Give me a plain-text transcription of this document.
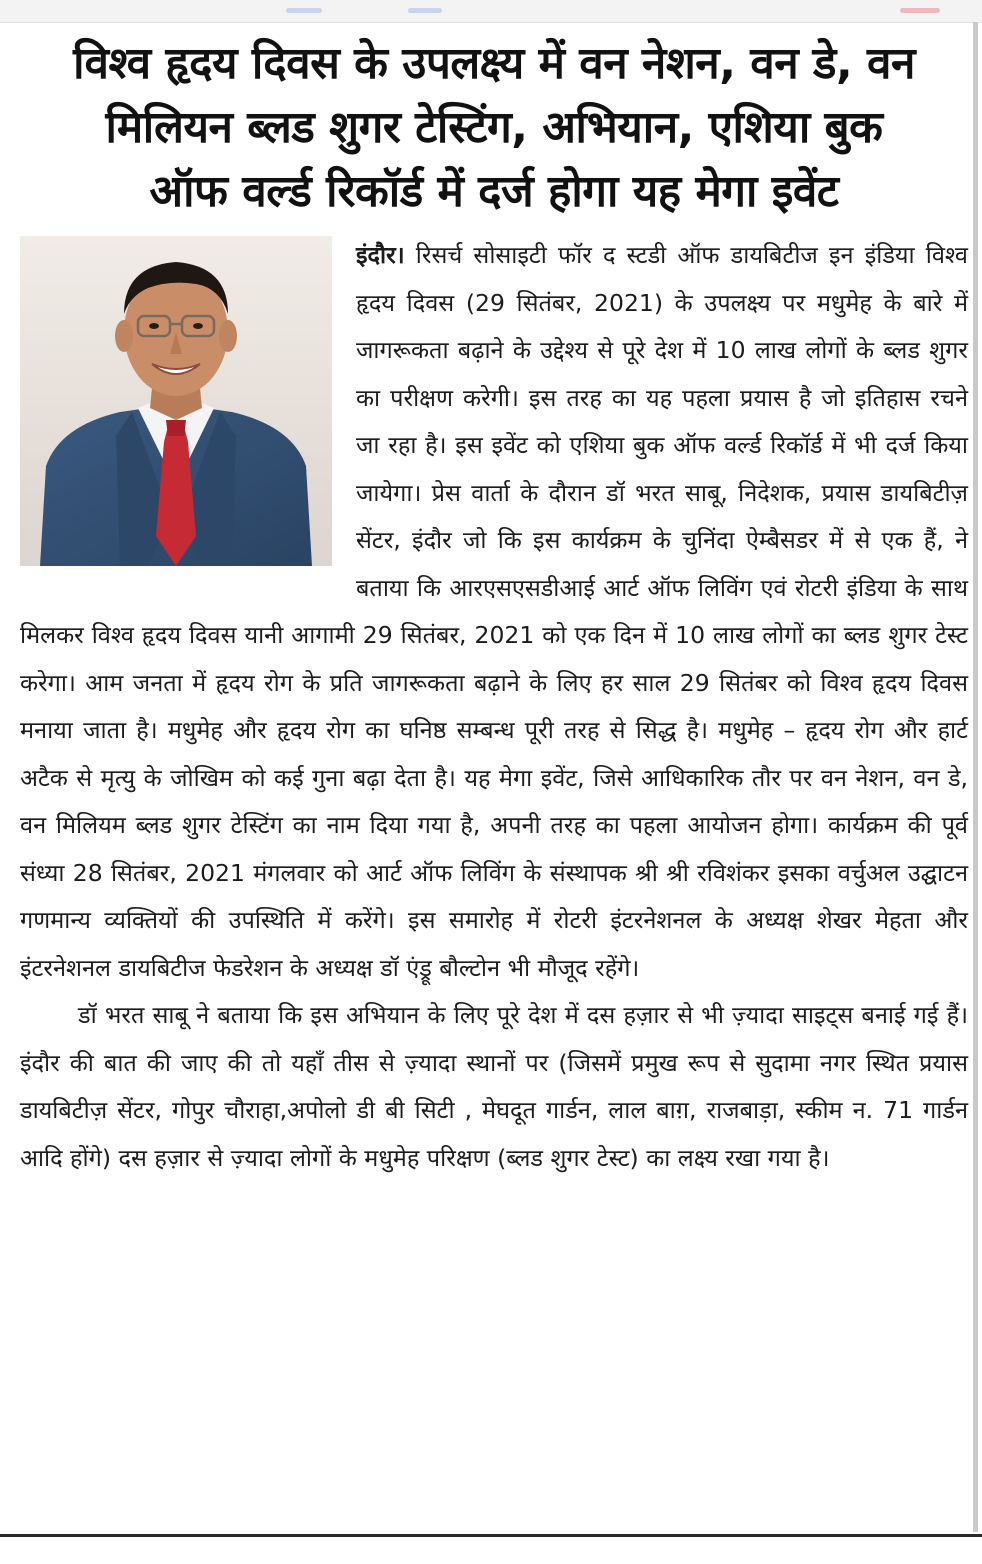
विश्व हृदय दिवस के उपलक्ष्य में वन नेशन, वन डे, वन
मिलियन ब्लड शुगर टेस्टिंग, अभियान, एशिया बुक
ऑफ वर्ल्ड रिकॉर्ड में दर्ज होगा यह मेगा इवेंट

इंदौर। रिसर्च सोसाइटी फॉर द स्टडी ऑफ डायबिटीज इन इंडिया विश्व हृदय दिवस (29 सितंबर, 2021) के उपलक्ष्य पर मधुमेह के बारे में जागरूकता बढ़ाने के उद्देश्य से पूरे देश में 10 लाख लोगों के ब्लड शुगर का परीक्षण करेगी। इस तरह का यह पहला प्रयास है जो इतिहास रचने जा रहा है। इस इवेंट को एशिया बुक ऑफ वर्ल्ड रिकॉर्ड में भी दर्ज किया जायेगा। प्रेस वार्ता के दौरान डॉ भरत साबू, निदेशक, प्रयास डायबिटीज़ सेंटर, इंदौर जो कि इस कार्यक्रम के चुनिंदा ऐम्बैसडर में से एक हैं, ने बताया कि आरएसएसडीआई आर्ट ऑफ लिविंग एवं रोटरी इंडिया के साथ मिलकर विश्व हृदय दिवस यानी आगामी 29 सितंबर, 2021 को एक दिन में 10 लाख लोगों का ब्लड शुगर टेस्ट करेगा। आम जनता में हृदय रोग के प्रति जागरूकता बढ़ाने के लिए हर साल 29 सितंबर को विश्व हृदय दिवस मनाया जाता है। मधुमेह और हृदय रोग का घनिष्ठ सम्बन्ध पूरी तरह से सिद्ध है। मधुमेह – हृदय रोग और हार्ट अटैक से मृत्यु के जोखिम को कई गुना बढ़ा देता है। यह मेगा इवेंट, जिसे आधिकारिक तौर पर वन नेशन, वन डे, वन मिलियम ब्लड शुगर टेस्टिंग का नाम दिया गया है, अपनी तरह का पहला आयोजन होगा। कार्यक्रम की पूर्व संध्या 28 सितंबर, 2021 मंगलवार को आर्ट ऑफ लिविंग के संस्थापक श्री श्री रविशंकर इसका वर्चुअल उद्घाटन गणमान्य व्यक्तियों की उपस्थिति में करेंगे। इस समारोह में रोटरी इंटरनेशनल के अध्यक्ष शेखर मेहता और इंटरनेशनल डायबिटीज फेडरेशन के अध्यक्ष डॉ एंड्रू बौल्टोन भी मौजूद रहेंगे।

डॉ भरत साबू ने बताया कि इस अभियान के लिए पूरे देश में दस हज़ार से भी ज़्यादा साइट्स बनाई गई हैं। इंदौर की बात की जाए की तो यहाँ तीस से ज़्यादा स्थानों पर (जिसमें प्रमुख रूप से सुदामा नगर स्थित प्रयास डायबिटीज़ सेंटर, गोपुर चौराहा,अपोलो डी बी सिटी , मेघदूत गार्डन, लाल बाग़, राजबाड़ा, स्कीम न. 71 गार्डन आदि होंगे) दस हज़ार से ज़्यादा लोगों के मधुमेह परिक्षण (ब्लड शुगर टेस्ट) का लक्ष्य रखा गया है।
